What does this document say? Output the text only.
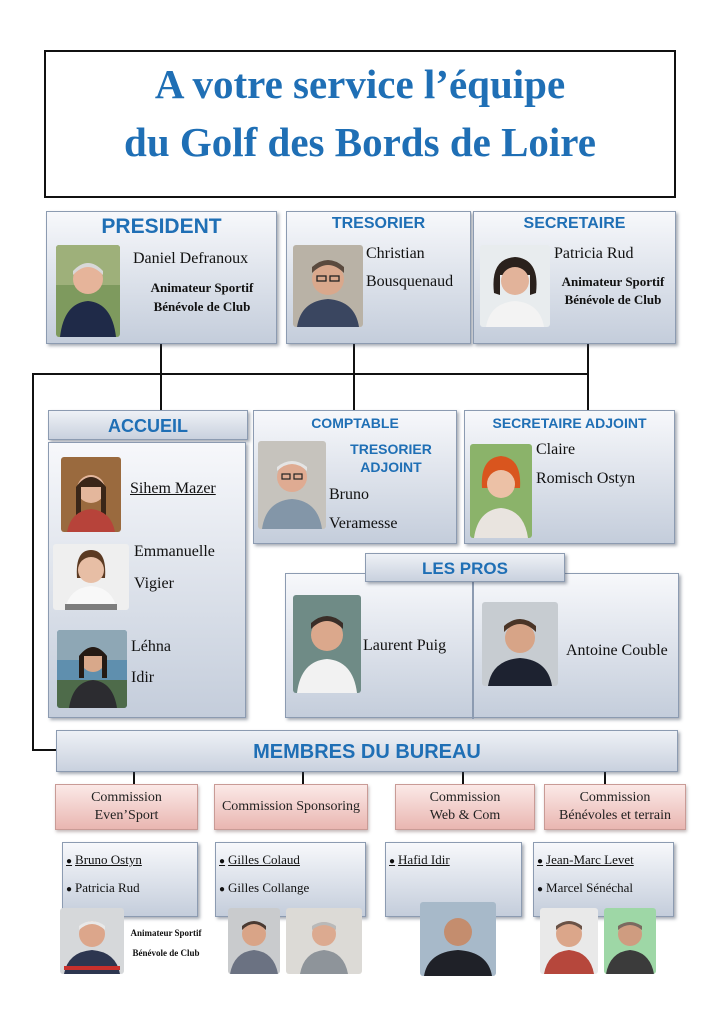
A votre service l’équipe
du Golf des Bords de Loire
PRESIDENT
Daniel Defranoux
Animateur Sportif
Bénévole de Club
TRESORIER
Christian
Bousquenaud
SECRETAIRE
Patricia Rud
Animateur Sportif
Bénévole de Club
ACCUEIL
Sihem Mazer
Emmanuelle
Vigier
Léhna
Idir
COMPTABLE
TRESORIER
ADJOINT
Bruno
Veramesse
SECRETAIRE ADJOINT
Claire
Romisch Ostyn
Laurent Puig	Antoine Couble
LES PROS
MEMBRES DU BUREAU
Commission
Even’Sport
Commission Sponsoring
Commission
Web & Com
Commission
Bénévoles et terrain
● Bruno Ostyn
● Patricia Rud
● Gilles Colaud
● Gilles Collange
● Hafid Idir	● Jean-Marc Levet
● Marcel Sénéchal
Animateur Sportif
Bénévole de Club
